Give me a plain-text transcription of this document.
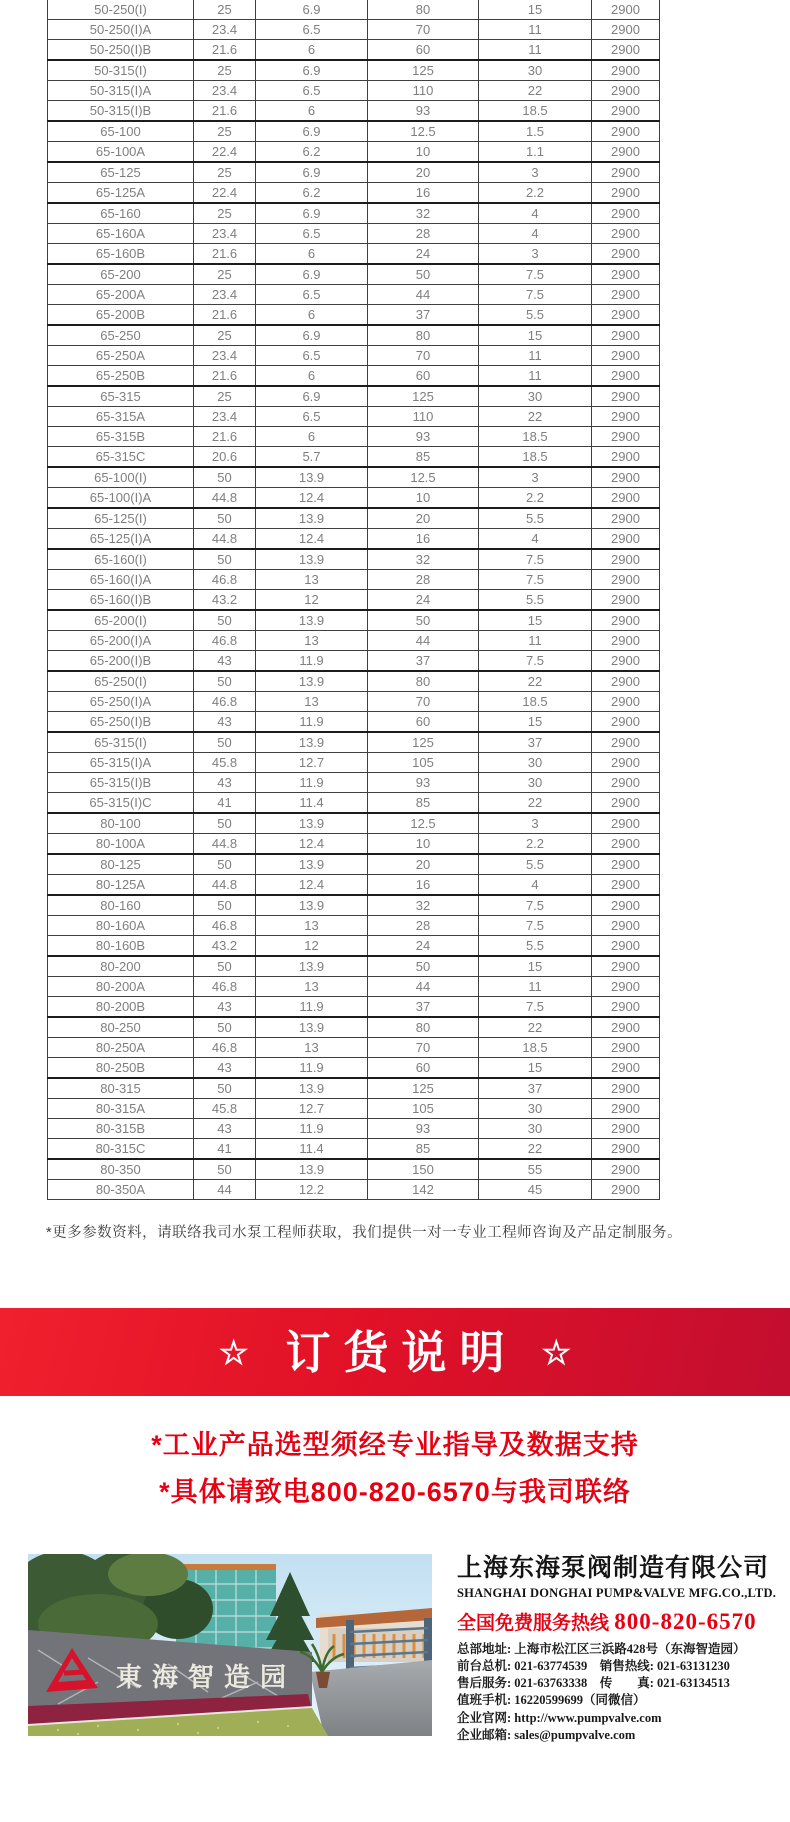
50-250(I)	25	6.9	80	15	2900
50-250(I)A	23.4	6.5	70	11	2900
50-250(I)B	21.6	6	60	11	2900
50-315(I)	25	6.9	125	30	2900
50-315(I)A	23.4	6.5	110	22	2900
50-315(I)B	21.6	6	93	18.5	2900
65-100	25	6.9	12.5	1.5	2900
65-100A	22.4	6.2	10	1.1	2900
65-125	25	6.9	20	3	2900
65-125A	22.4	6.2	16	2.2	2900
65-160	25	6.9	32	4	2900
65-160A	23.4	6.5	28	4	2900
65-160B	21.6	6	24	3	2900
65-200	25	6.9	50	7.5	2900
65-200A	23.4	6.5	44	7.5	2900
65-200B	21.6	6	37	5.5	2900
65-250	25	6.9	80	15	2900
65-250A	23.4	6.5	70	11	2900
65-250B	21.6	6	60	11	2900
65-315	25	6.9	125	30	2900
65-315A	23.4	6.5	110	22	2900
65-315B	21.6	6	93	18.5	2900
65-315C	20.6	5.7	85	18.5	2900
65-100(I)	50	13.9	12.5	3	2900
65-100(I)A	44.8	12.4	10	2.2	2900
65-125(I)	50	13.9	20	5.5	2900
65-125(I)A	44.8	12.4	16	4	2900
65-160(I)	50	13.9	32	7.5	2900
65-160(I)A	46.8	13	28	7.5	2900
65-160(I)B	43.2	12	24	5.5	2900
65-200(I)	50	13.9	50	15	2900
65-200(I)A	46.8	13	44	11	2900
65-200(I)B	43	11.9	37	7.5	2900
65-250(I)	50	13.9	80	22	2900
65-250(I)A	46.8	13	70	18.5	2900
65-250(I)B	43	11.9	60	15	2900
65-315(I)	50	13.9	125	37	2900
65-315(I)A	45.8	12.7	105	30	2900
65-315(I)B	43	11.9	93	30	2900
65-315(I)C	41	11.4	85	22	2900
80-100	50	13.9	12.5	3	2900
80-100A	44.8	12.4	10	2.2	2900
80-125	50	13.9	20	5.5	2900
80-125A	44.8	12.4	16	4	2900
80-160	50	13.9	32	7.5	2900
80-160A	46.8	13	28	7.5	2900
80-160B	43.2	12	24	5.5	2900
80-200	50	13.9	50	15	2900
80-200A	46.8	13	44	11	2900
80-200B	43	11.9	37	7.5	2900
80-250	50	13.9	80	22	2900
80-250A	46.8	13	70	18.5	2900
80-250B	43	11.9	60	15	2900
80-315	50	13.9	125	37	2900
80-315A	45.8	12.7	105	30	2900
80-315B	43	11.9	93	30	2900
80-315C	41	11.4	85	22	2900
80-350	50	13.9	150	55	2900
80-350A	44	12.2	142	45	2900

*更多参数资料，请联络我司水泵工程师获取，我们提供一对一专业工程师咨询及产品定制服务。

☆ 订货说明 ☆

*工业产品选型须经专业指导及数据支持

*具体请致电800-820-6570与我司联络

東海智造园
上海东海泵阀制造有限公司
SHANGHAI DONGHAI PUMP&VALVE MFG.CO.,LTD.
全国免费服务热线 800-820-6570
总部地址: 上海市松江区三浜路428号（东海智造园）
前台总机: 021-63774539　销售热线: 021-63131230
售后服务: 021-63763338　传　　真: 021-63134513
值班手机: 16220599699（同微信）
企业官网: http://www.pumpvalve.com
企业邮箱: sales@pumpvalve.com
